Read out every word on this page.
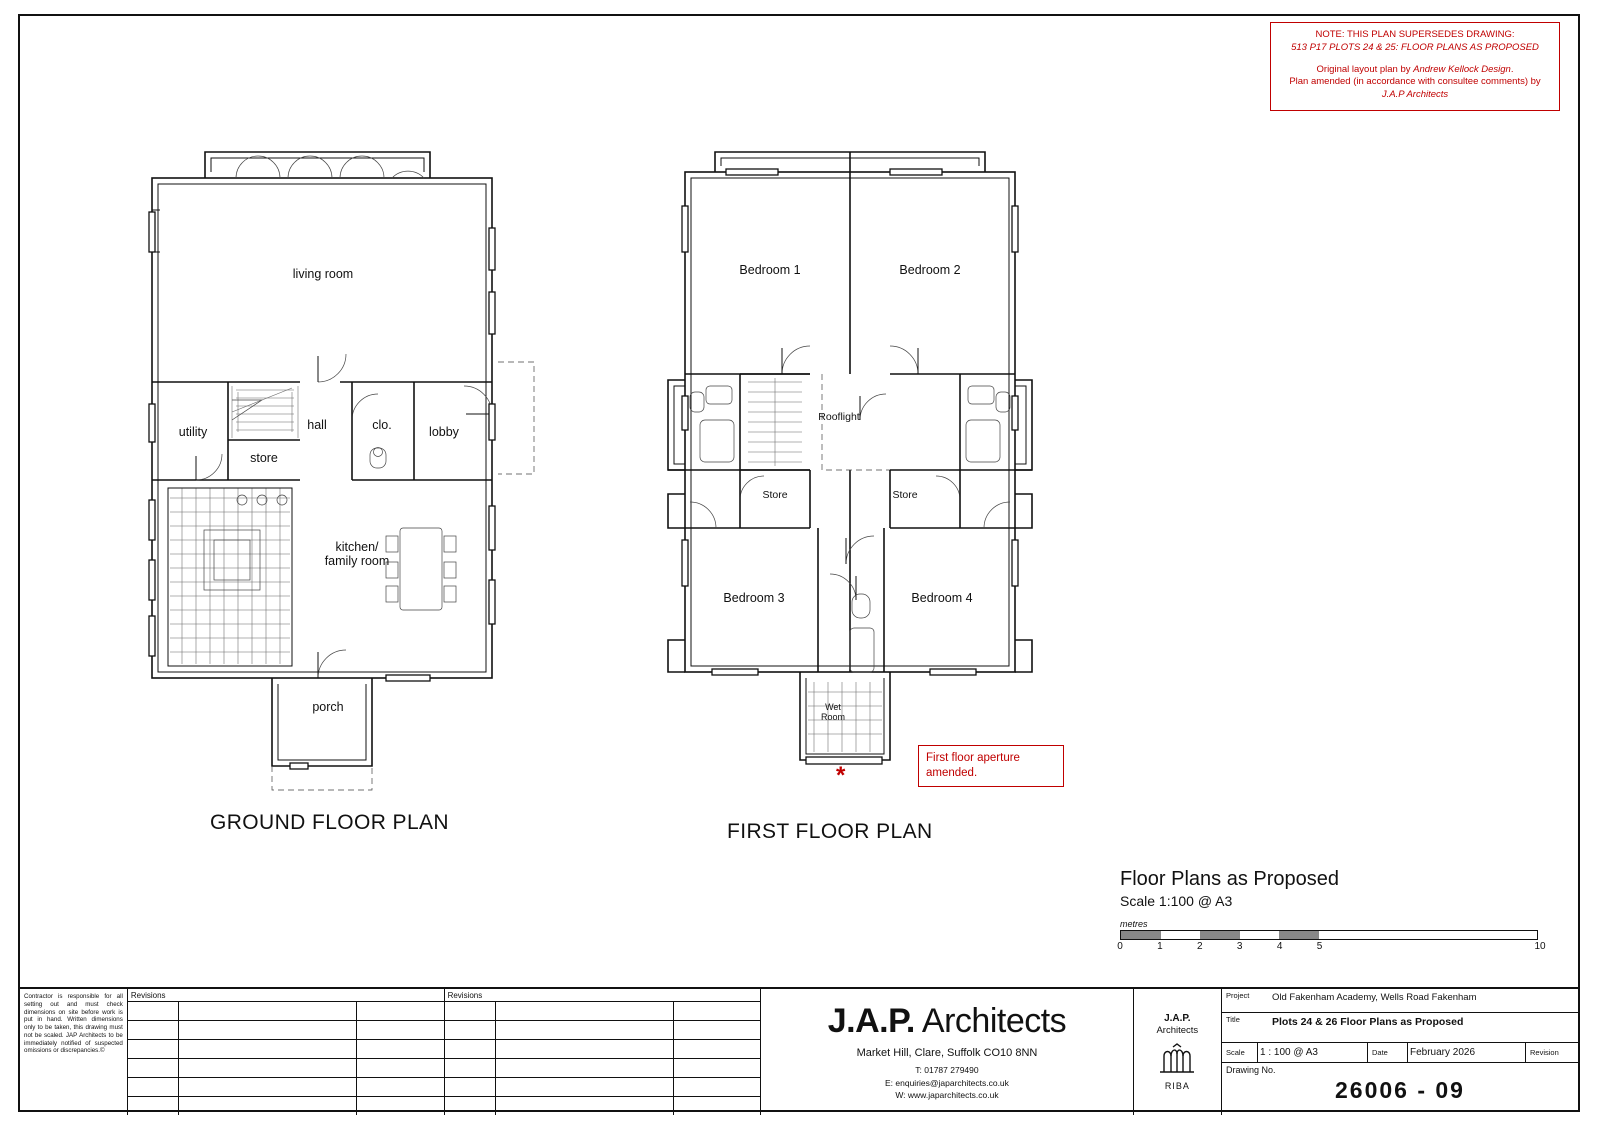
NOTE: THIS PLAN SUPERSEDES DRAWING:
513 P17 PLOTS 24 & 25: FLOOR PLANS AS PROPOSED
Original layout plan by Andrew Kellock Design.
Plan amended (in accordance with consultee comments) by J.A.P Architects
living room
utility
store
hall	clo.	lobby
kitchen/
family room
porch
GROUND FLOOR PLAN
Bedroom 1	Bedroom 2
Rooflight
Store	Store
Bedroom 3	Bedroom 4
Wet
Room
FIRST FLOOR PLAN
*
First floor aperture amended.
Floor Plans as Proposed
Scale 1:100 @ A3
metres
0	1	2	3	4	5	10
Contractor is responsible for all setting out and must check dimensions on site before work is put in hand. Written dimensions only to be taken, this drawing must not be scaled. JAP Architects to be immediately notified of suspected omissions or discrepancies.©
Revisions	Revisions
J.A.P. Architects
Market Hill, Clare, Suffolk CO10 8NN
T: 01787 279490
E: enquiries@japarchitects.co.uk
W: www.japarchitects.co.uk
J.A.P.
Architects
RIBA
Project	Old Fakenham Academy, Wells Road Fakenham
Title	Plots 24 & 26 Floor Plans as Proposed
Scale	1 : 100 @ A3	Date	February 2026	Revision
Drawing No.
26006 - 09
